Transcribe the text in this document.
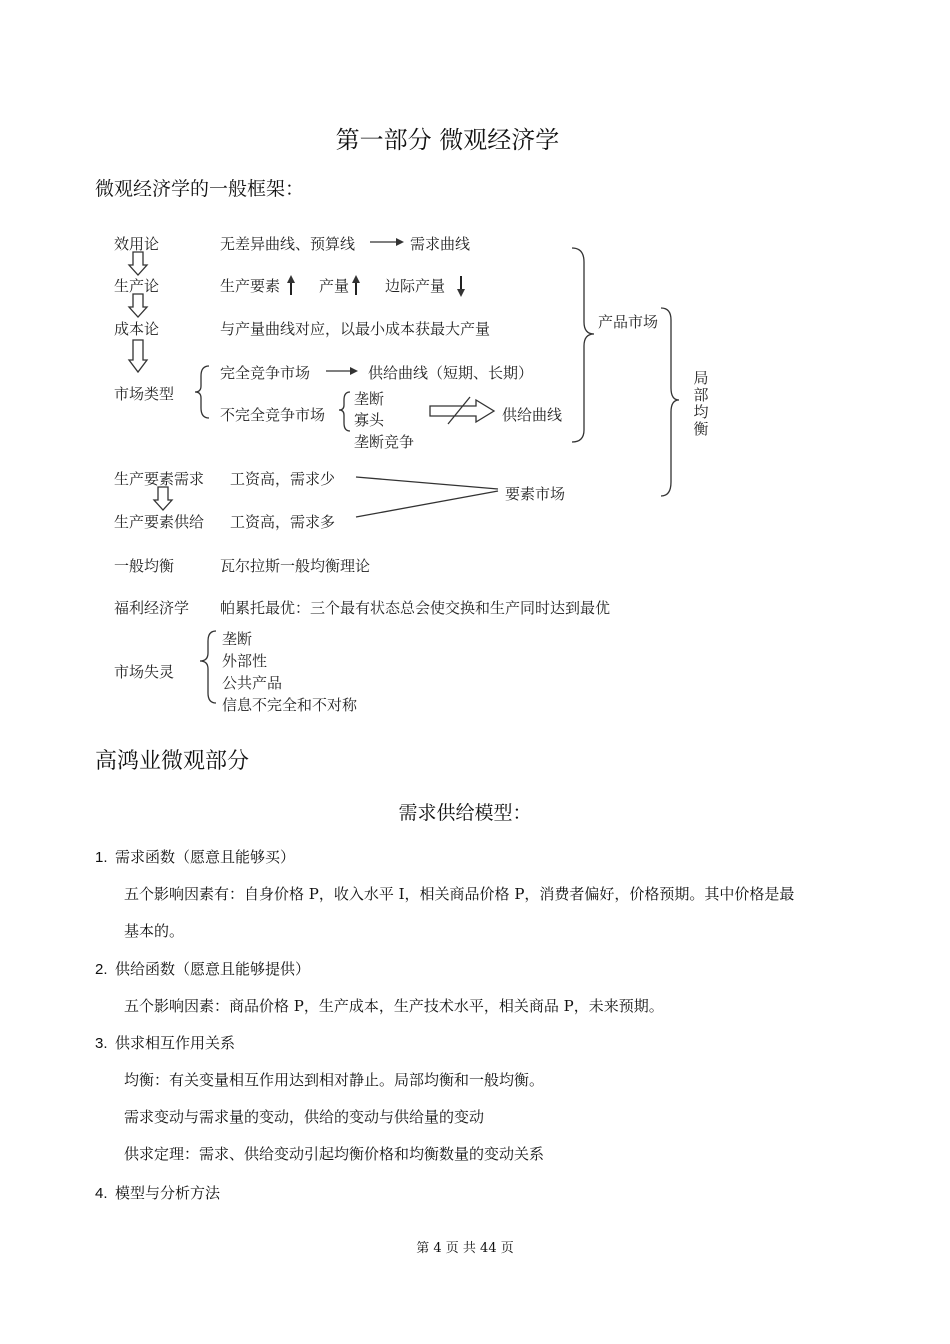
第一部分 微观经济学
微观经济学的一般框架：
效用论	无差异曲线、预算线	需求曲线
生产论	生产要素	产量 边际产量
成本论	与产量曲线对应，以最小成本获最大产量
市场类型
完全竞争市场	供给曲线（短期、长期）
不完全竞争市场
垄断
寡头
垄断竞争
供给曲线
产品市场
局部均衡
生产要素需求 工资高，需求少
生产要素供给 工资高，需求多
要素市场
一般均衡	瓦尔拉斯一般均衡理论
福利经济学 帕累托最优：三个最有状态总会使交换和生产同时达到最优
市场失灵
垄断
外部性
公共产品
信息不完全和不对称
高鸿业微观部分
需求供给模型：
1. 需求函数（愿意且能够买）
五个影响因素有：自身价格 P，收入水平 I，相关商品价格 P，消费者偏好，价格预期。其中价格是最
基本的。
2. 供给函数（愿意且能够提供）
五个影响因素：商品价格 P，生产成本，生产技术水平，相关商品 P，未来预期。
3. 供求相互作用关系
均衡：有关变量相互作用达到相对静止。局部均衡和一般均衡。
需求变动与需求量的变动，供给的变动与供给量的变动
供求定理：需求、供给变动引起均衡价格和均衡数量的变动关系
4. 模型与分析方法
第 4 页 共 44 页
